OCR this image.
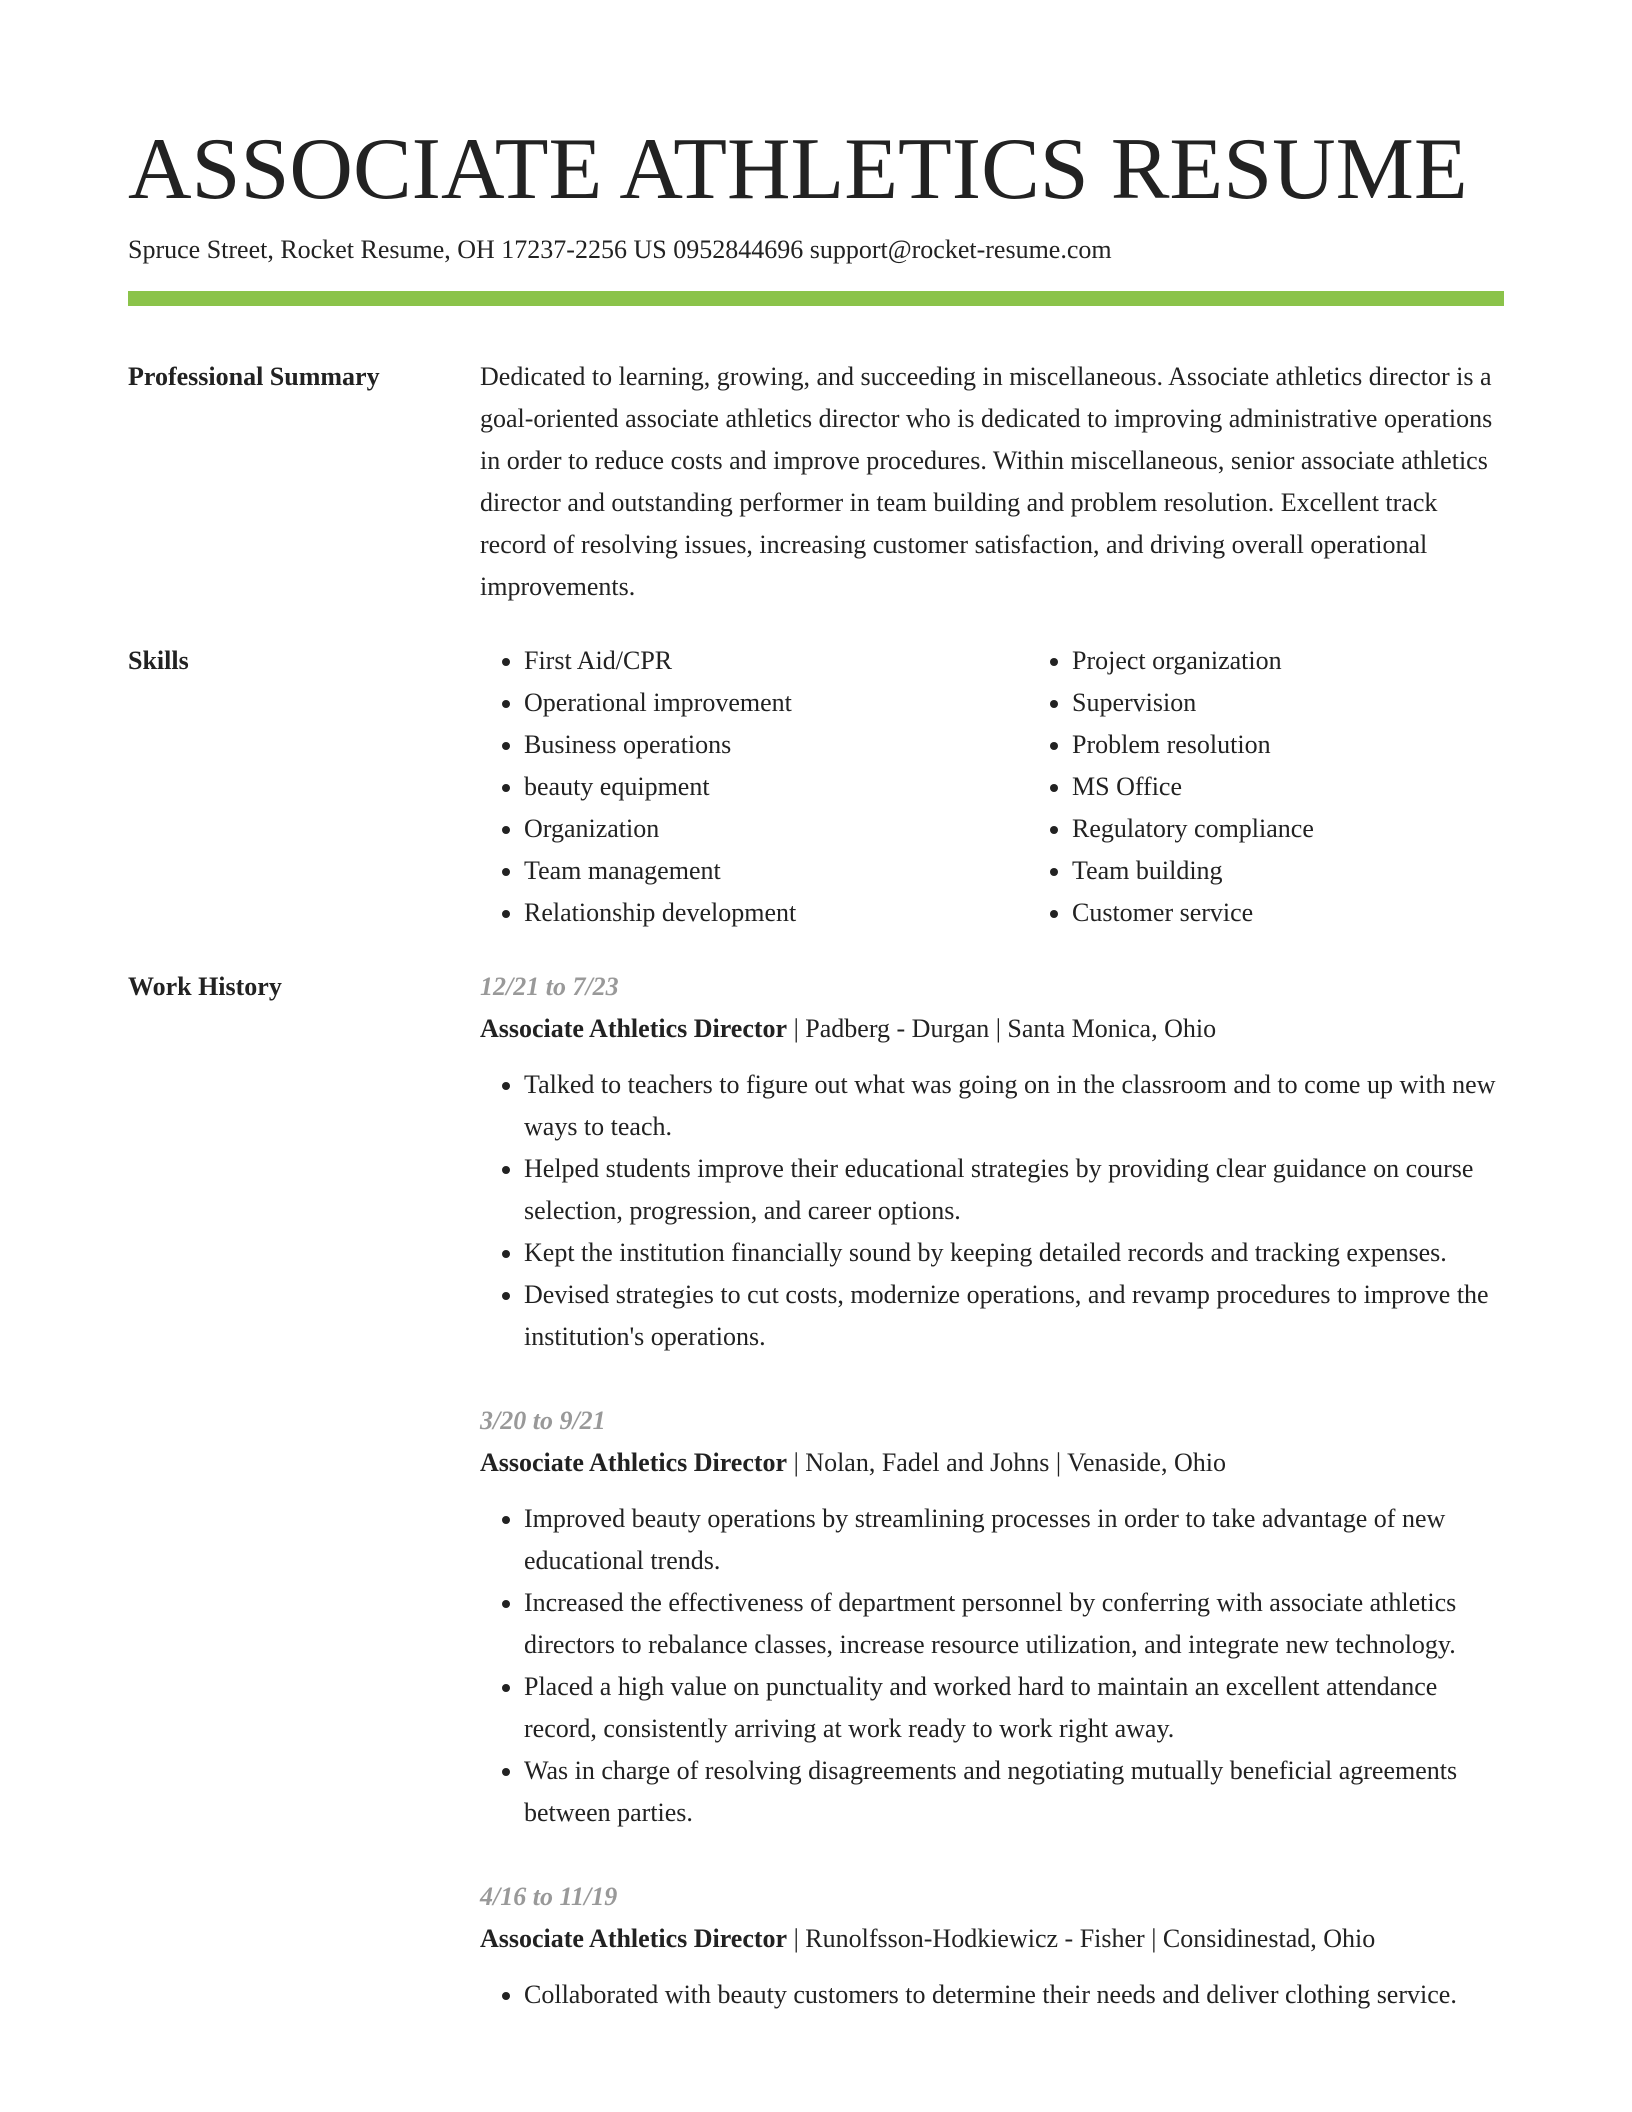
ASSOCIATE ATHLETICS RESUME
Spruce Street, Rocket Resume, OH 17237-2256 US 0952844696 support@rocket-resume.com
Professional Summary	Dedicated to learning, growing, and succeeding in miscellaneous. Associate athletics director is a goal-oriented associate athletics director who is dedicated to improving administrative operations in order to reduce costs and improve procedures. Within miscellaneous, senior associate athletics director and outstanding performer in team building and problem resolution. Excellent track record of resolving issues, increasing customer satisfaction, and driving overall operational improvements.
Skills
•	First Aid/CPR
• Operational improvement
• Business operations
• beauty equipment
• Organization
• Team management
• Relationship development
• Project organization
• Supervision
• Problem resolution
• MS Office
• Regulatory compliance
• Team building
• Customer service
Work History	12/21 to 7/23
Associate Athletics Director | Padberg - Durgan | Santa Monica, Ohio
• Talked to teachers to figure out what was going on in the classroom and to come up with new ways to teach.
• Helped students improve their educational strategies by providing clear guidance on course selection, progression, and career options.
• Kept the institution financially sound by keeping detailed records and tracking expenses.
• Devised strategies to cut costs, modernize operations, and revamp procedures to improve the institution's operations.
3/20 to 9/21
Associate Athletics Director | Nolan, Fadel and Johns | Venaside, Ohio
• Improved beauty operations by streamlining processes in order to take advantage of new educational trends.
• Increased the effectiveness of department personnel by conferring with associate athletics directors to rebalance classes, increase resource utilization, and integrate new technology.
• Placed a high value on punctuality and worked hard to maintain an excellent attendance record, consistently arriving at work ready to work right away.
• Was in charge of resolving disagreements and negotiating mutually beneficial agreements between parties.
4/16 to 11/19
Associate Athletics Director | Runolfsson-Hodkiewicz - Fisher | Considinestad, Ohio
• Collaborated with beauty customers to determine their needs and deliver clothing service.
